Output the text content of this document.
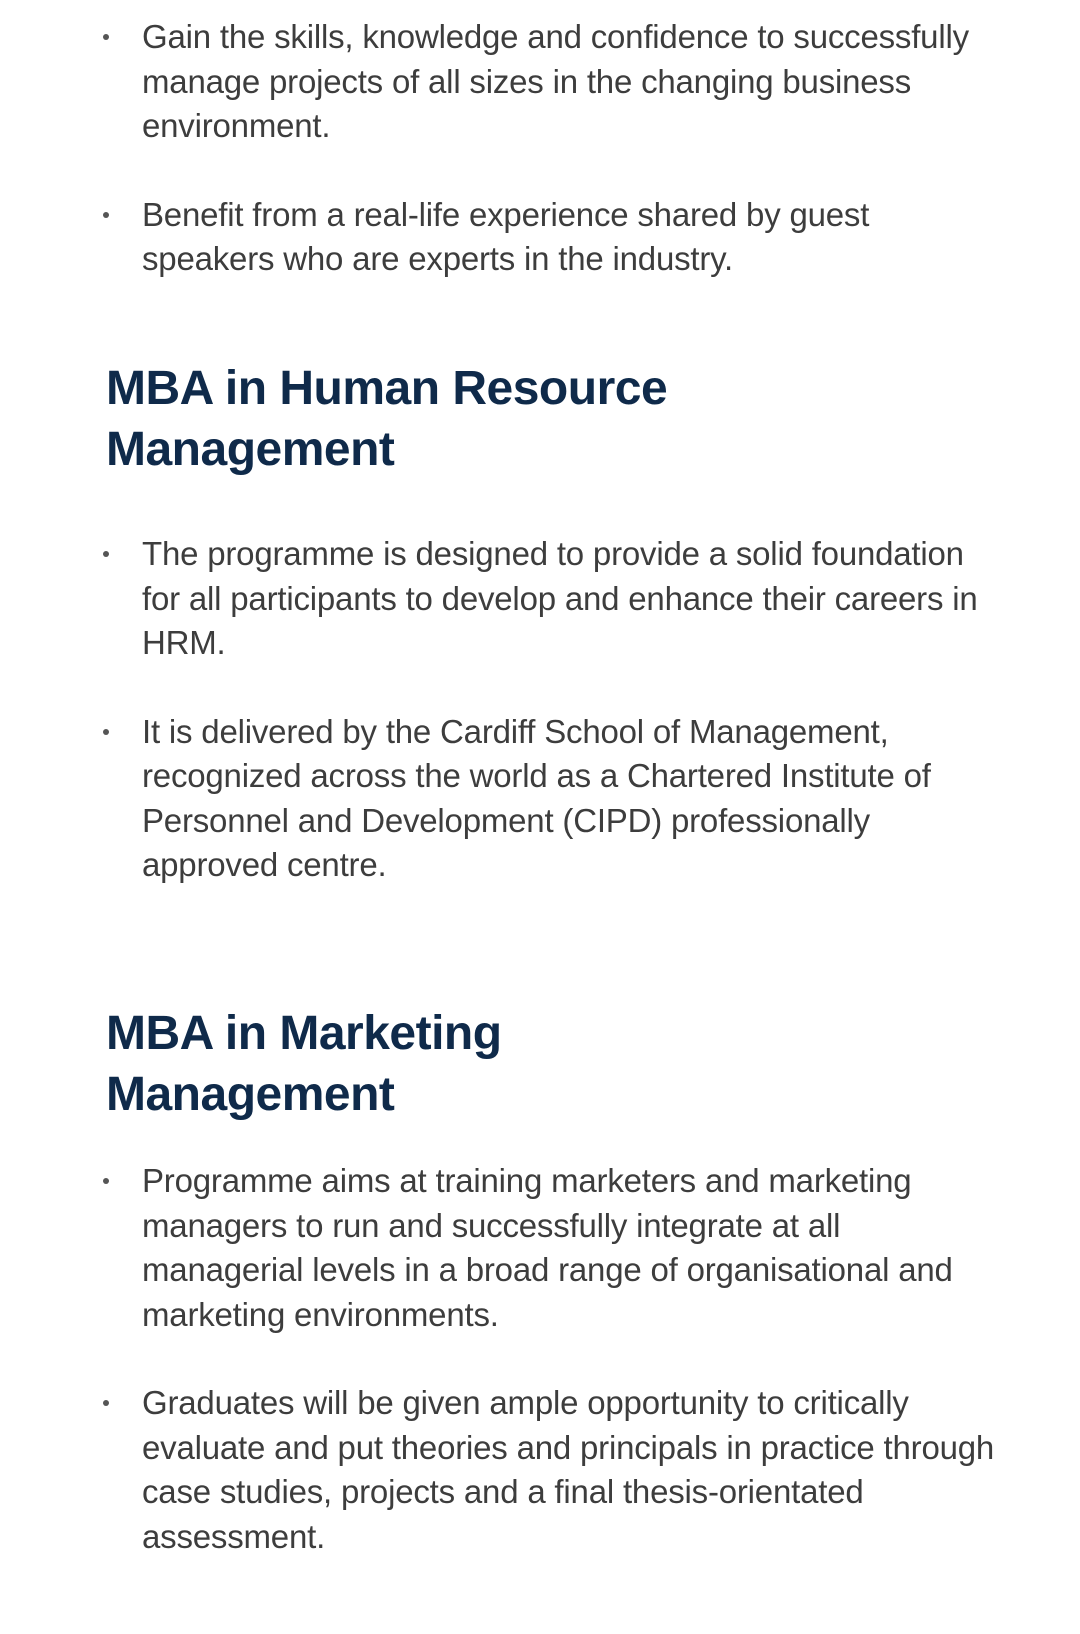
Gain the skills, knowledge and confidence to successfully manage projects of all sizes in the changing business environment.
Benefit from a real-life experience shared by guest speakers who are experts in the industry.
MBA in Human Resource
Management
The programme is designed to provide a solid foundation for all participants to develop and enhance their careers in HRM.
It is delivered by the Cardiff School of Management, recognized across the world as a Chartered Institute of Personnel and Development (CIPD) professionally approved centre.
MBA in Marketing
Management
Programme aims at training marketers and marketing managers to run and successfully integrate at all managerial levels in a broad range of organisational and marketing environments.
Graduates will be given ample opportunity to critically evaluate and put theories and principals in practice through case studies, projects and a final thesis-orientated assessment.
